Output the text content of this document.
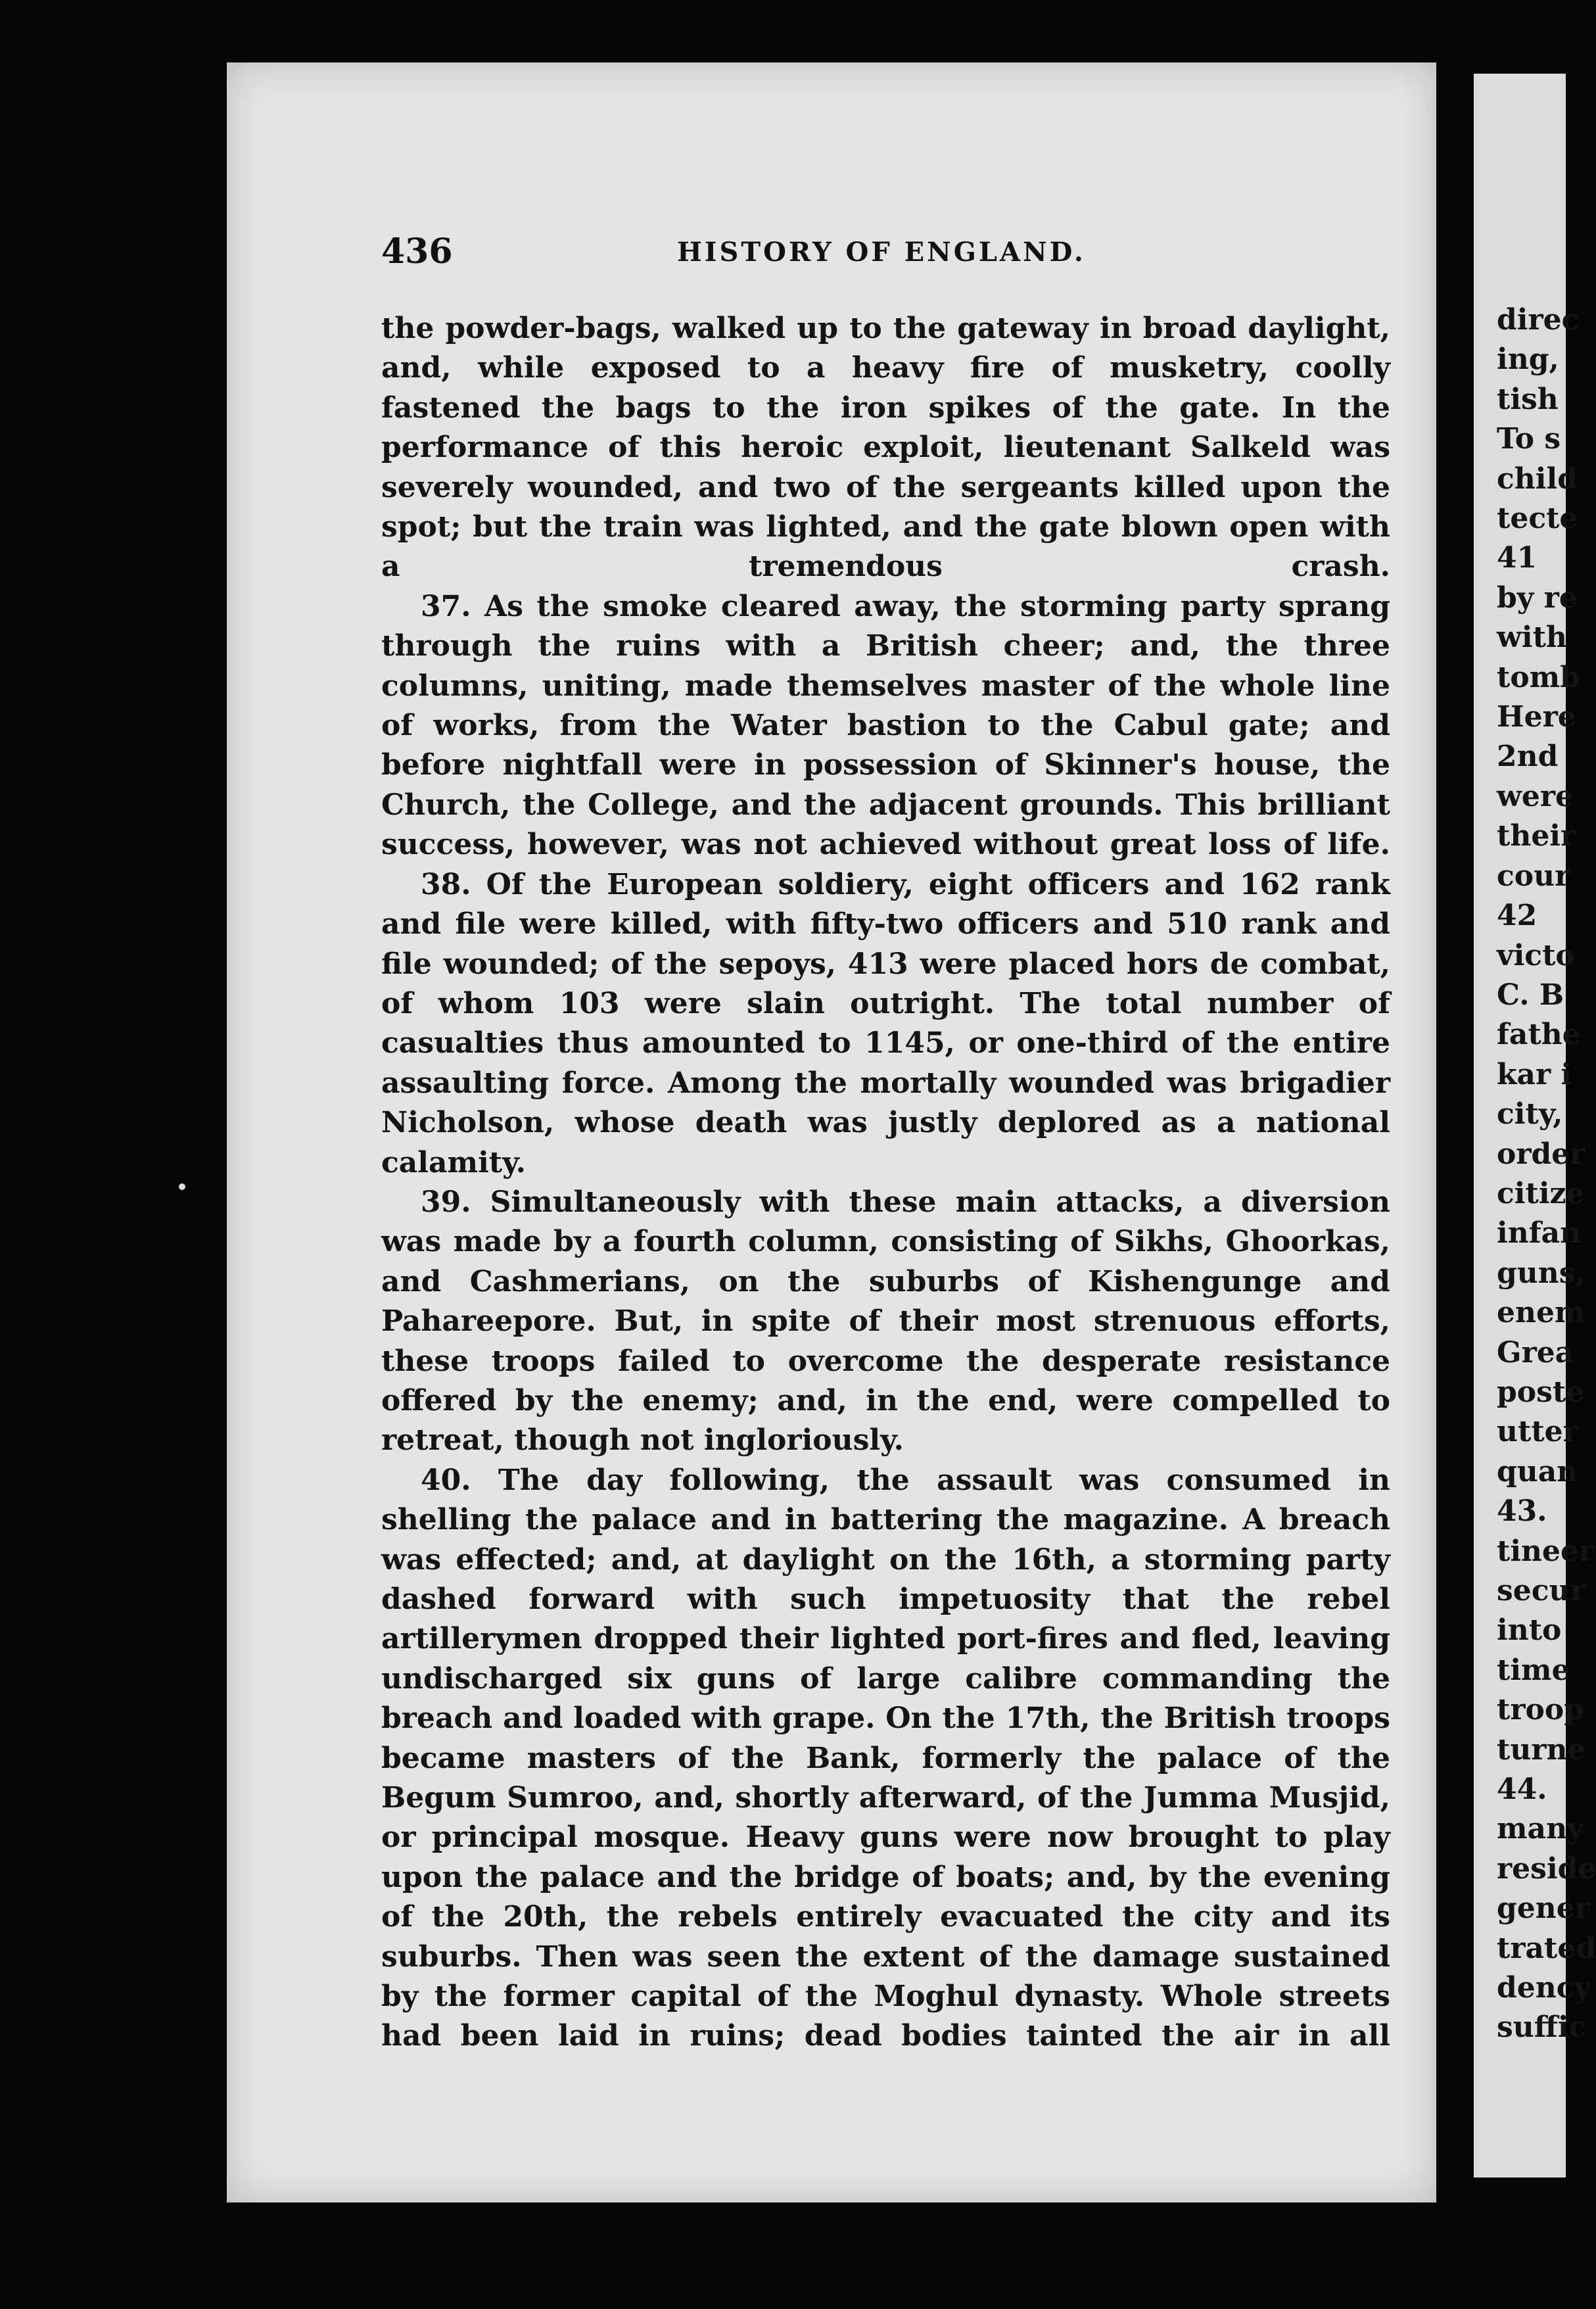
436	HISTORY OF ENGLAND.

the powder-bags, walked up to the gateway in broad daylight, and, while exposed to a heavy fire of musketry, coolly fastened the bags to the iron spikes of the gate. In the performance of this heroic exploit, lieutenant Salkeld was severely wounded, and two of the sergeants killed upon the spot; but the train was lighted, and the gate blown open with a tremendous crash.

37. As the smoke cleared away, the storming party sprang through the ruins with a British cheer; and, the three columns, uniting, made themselves master of the whole line of works, from the Water bastion to the Cabul gate; and before nightfall were in possession of Skinner's house, the Church, the College, and the adjacent grounds. This brilliant success, however, was not achieved without great loss of life.

38. Of the European soldiery, eight officers and 162 rank and file were killed, with fifty-two officers and 510 rank and file wounded; of the sepoys, 413 were placed hors de combat, of whom 103 were slain outright. The total number of casualties thus amounted to 1145, or one-third of the entire assaulting force. Among the mortally wounded was brigadier Nicholson, whose death was justly deplored as a national calamity.

39. Simultaneously with these main attacks, a diversion was made by a fourth column, consisting of Sikhs, Ghoorkas, and Cashmerians, on the suburbs of Kishengunge and Pahareepore. But, in spite of their most strenuous efforts, these troops failed to overcome the desperate resistance offered by the enemy; and, in the end, were compelled to retreat, though not ingloriously.

40. The day following, the assault was consumed in shelling the palace and in battering the magazine. A breach was effected; and, at daylight on the 16th, a storming party dashed forward with such impetuosity that the rebel artillerymen dropped their lighted port-fires and fled, leaving undischarged six guns of large calibre commanding the breach and loaded with grape. On the 17th, the British troops became masters of the Bank, formerly the palace of the Begum Sumroo, and, shortly afterward, of the Jumma Musjid, or principal mosque. Heavy guns were now brought to play upon the palace and the bridge of boats; and, by the evening of the 20th, the rebels entirely evacuated the city and its suburbs. Then was seen the extent of the damage sustained by the former capital of the Moghul dynasty. Whole streets had been laid in ruins; dead bodies tainted the air in all

direc
ing,
tish
To s
child
tecte
41
by re
with
tomb
Here
2nd
were
their
cour
42
victo
C. B
fathe
kar i
city,
order
citize
infan
guns,
enem
Grea
poste
utter
quan
43.
tineer
secur
into
time
troop
turne
44.
many
reside
gener
trated
dency
suffic
